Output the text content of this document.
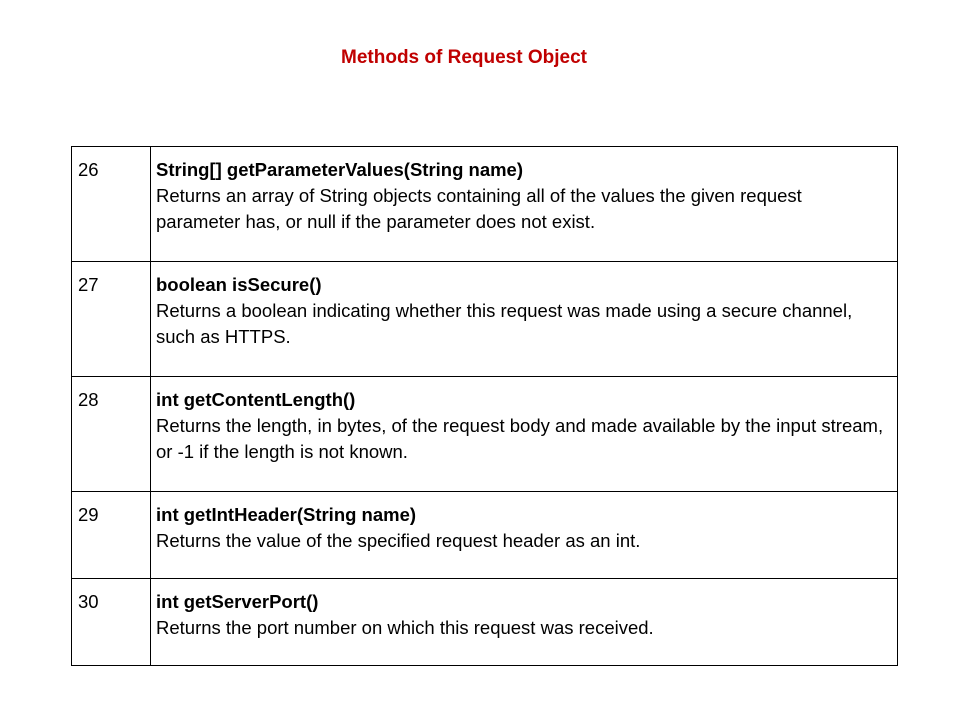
Methods of Request Object
26	String[] getParameterValues(String name)
Returns an array of String objects containing all of the values the given request parameter has, or null if the parameter does not exist.

27	boolean isSecure()
Returns a boolean indicating whether this request was made using a secure channel, such as HTTPS.

28	int getContentLength()
Returns the length, in bytes, of the request body and made available by the input stream, or -1 if the length is not known.

29	int getIntHeader(String name)
Returns the value of the specified request header as an int.

30	int getServerPort()
Returns the port number on which this request was received.
